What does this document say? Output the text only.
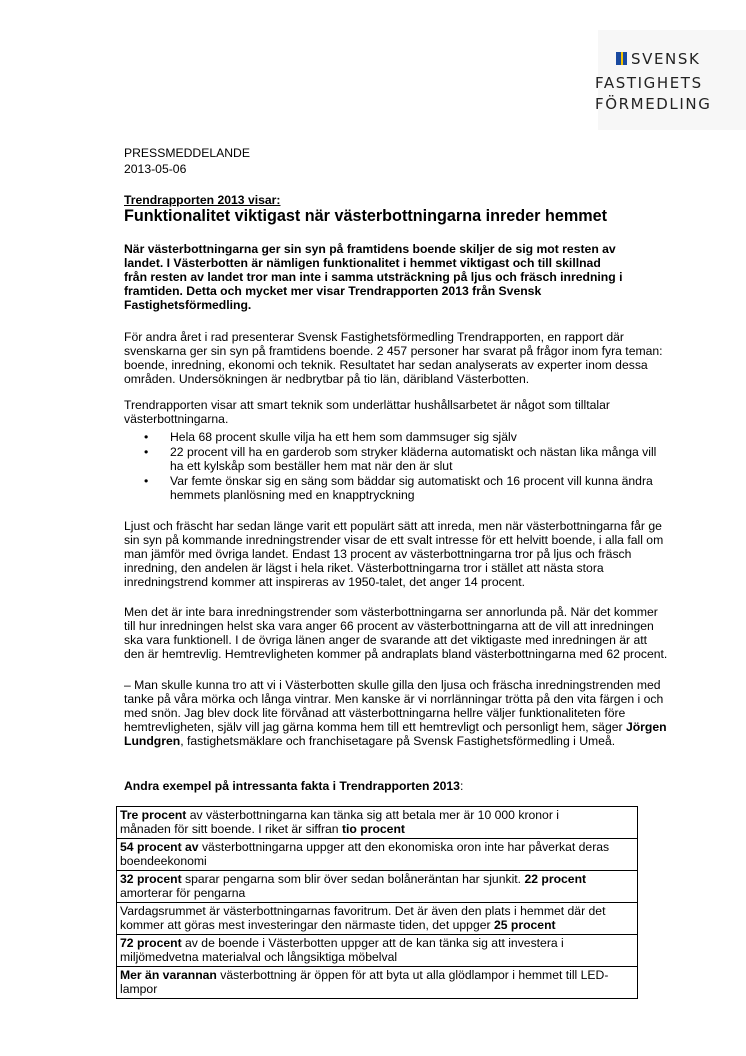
SVENSK
FASTIGHETS
FÖRMEDLING

PRESSMEDDELANDE

2013-05-06

Trendrapporten 2013 visar:

Funktionalitet viktigast när västerbottningarna inreder hemmet

När västerbottningarna ger sin syn på framtidens boende skiljer de sig mot resten av

landet. I Västerbotten är nämligen funktionalitet i hemmet viktigast och till skillnad

från resten av landet tror man inte i samma utsträckning på ljus och fräsch inredning i

framtiden. Detta och mycket mer visar Trendrapporten 2013 från Svensk

Fastighetsförmedling.

För andra året i rad presenterar Svensk Fastighetsförmedling Trendrapporten, en rapport där

svenskarna ger sin syn på framtidens boende. 2 457 personer har svarat på frågor inom fyra teman:

boende, inredning, ekonomi och teknik. Resultatet har sedan analyserats av experter inom dessa

områden. Undersökningen är nedbrytbar på tio län, däribland Västerbotten.

Trendrapporten visar att smart teknik som underlättar hushållsarbetet är något som tilltalar

västerbottningarna.

• Hela 68 procent skulle vilja ha ett hem som dammsuger sig själv
• 22 procent vill ha en garderob som stryker kläderna automatiskt och nästan lika många vill
ha ett kylskåp som beställer hem mat när den är slut
• Var femte önskar sig en säng som bäddar sig automatiskt och 16 procent vill kunna ändra
hemmets planlösning med en knapptryckning

Ljust och fräscht har sedan länge varit ett populärt sätt att inreda, men när västerbottningarna får ge

sin syn på kommande inredningstrender visar de ett svalt intresse för ett helvitt boende, i alla fall om

man jämför med övriga landet. Endast 13 procent av västerbottningarna tror på ljus och fräsch

inredning, den andelen är lägst i hela riket. Västerbottningarna tror i stället att nästa stora

inredningstrend kommer att inspireras av 1950-talet, det anger 14 procent.

Men det är inte bara inredningstrender som västerbottningarna ser annorlunda på. När det kommer

till hur inredningen helst ska vara anger 66 procent av västerbottningarna att de vill att inredningen

ska vara funktionell. I de övriga länen anger de svarande att det viktigaste med inredningen är att

den är hemtrevlig. Hemtrevligheten kommer på andraplats bland västerbottningarna med 62 procent.

– Man skulle kunna tro att vi i Västerbotten skulle gilla den ljusa och fräscha inredningstrenden med

tanke på våra mörka och långa vintrar. Men kanske är vi norrlänningar trötta på den vita färgen i och

med snön. Jag blev dock lite förvånad att västerbottningarna hellre väljer funktionaliteten före

hemtrevligheten, själv vill jag gärna komma hem till ett hemtrevligt och personligt hem, säger Jörgen

Lundgren, fastighetsmäklare och franchisetagare på Svensk Fastighetsförmedling i Umeå.

Andra exempel på intressanta fakta i Trendrapporten 2013:

Tre procent av västerbottningarna kan tänka sig att betala mer är 10 000 kronor i
månaden för sitt boende. I riket är siffran tio procent
54 procent av västerbottningarna uppger att den ekonomiska oron inte har påverkat deras
boendeekonomi
32 procent sparar pengarna som blir över sedan bolåneräntan har sjunkit. 22 procent
amorterar för pengarna
Vardagsrummet är västerbottningarnas favoritrum. Det är även den plats i hemmet där det
kommer att göras mest investeringar den närmaste tiden, det uppger 25 procent
72 procent av de boende i Västerbotten uppger att de kan tänka sig att investera i
miljömedvetna materialval och långsiktiga möbelval
Mer än varannan västerbottning är öppen för att byta ut alla glödlampor i hemmet till LED-
lampor
